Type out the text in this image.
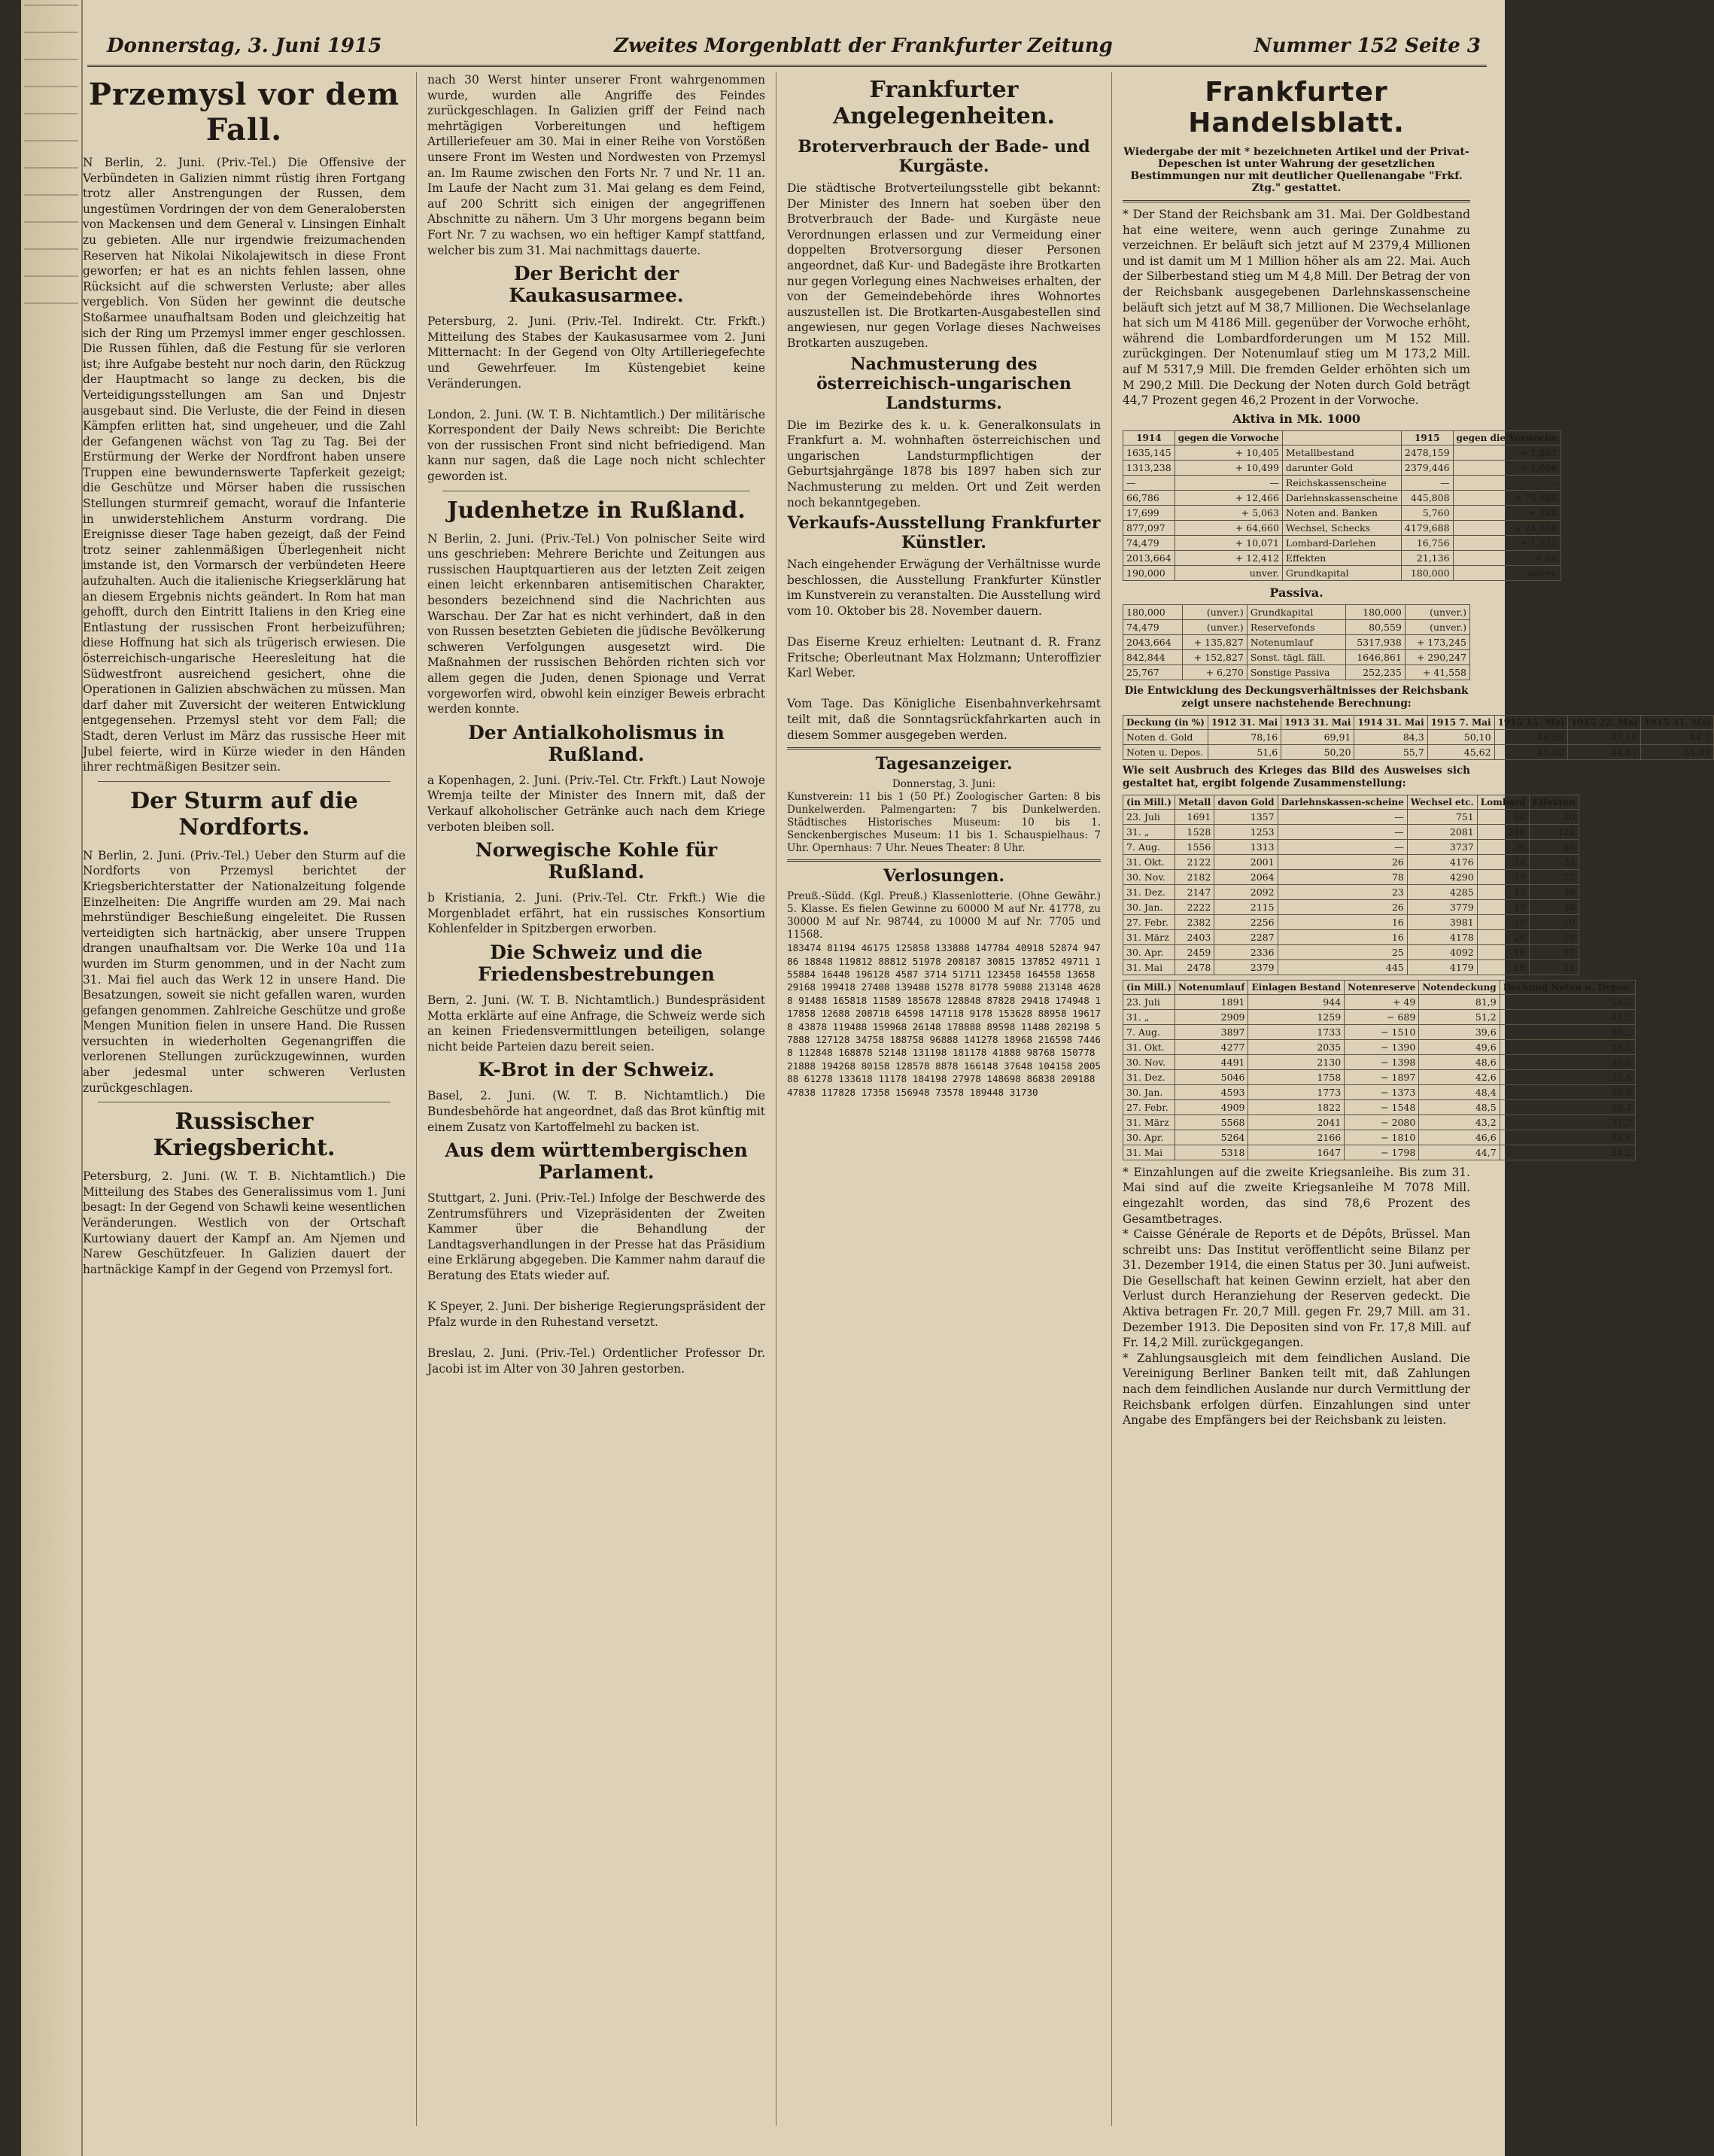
Donnerstag, 3. Juni 1915	Zweites Morgenblatt der Frankfurter Zeitung	Nummer 152 Seite 3
Przemysl vor dem Fall.
N Berlin, 2. Juni. (Priv.-Tel.) Die Offensive der Verbündeten in Galizien nimmt rüstig ihren Fortgang trotz aller Anstrengungen der Russen, dem ungestümen Vordringen der von dem Generalobersten von Mackensen und dem General v. Linsingen Einhalt zu gebieten. Alle nur irgendwie freizumachenden Reserven hat Nikolai Nikolajewitsch in diese Front geworfen; er hat es an nichts fehlen lassen, ohne Rücksicht auf die schwersten Verluste; aber alles vergeblich. Von Süden her gewinnt die deutsche Stoßarmee unaufhaltsam Boden und gleichzeitig hat sich der Ring um Przemysl immer enger geschlossen. Die Russen fühlen, daß die Festung für sie verloren ist; ihre Aufgabe besteht nur noch darin, den Rückzug der Hauptmacht so lange zu decken, bis die Verteidigungsstellungen am San und Dnjestr ausgebaut sind. Die Verluste, die der Feind in diesen Kämpfen erlitten hat, sind ungeheuer, und die Zahl der Gefangenen wächst von Tag zu Tag. Bei der Erstürmung der Werke der Nordfront haben unsere Truppen eine bewundernswerte Tapferkeit gezeigt; die Geschütze und Mörser haben die russischen Stellungen sturmreif gemacht, worauf die Infanterie in unwiderstehlichem Ansturm vordrang. Die Ereignisse dieser Tage haben gezeigt, daß der Feind trotz seiner zahlenmäßigen Überlegenheit nicht imstande ist, den Vormarsch der verbündeten Heere aufzuhalten. Auch die italienische Kriegserklärung hat an diesem Ergebnis nichts geändert. In Rom hat man gehofft, durch den Eintritt Italiens in den Krieg eine Entlastung der russischen Front herbeizuführen; diese Hoffnung hat sich als trügerisch erwiesen. Die österreichisch-ungarische Heeresleitung hat die Südwestfront ausreichend gesichert, ohne die Operationen in Galizien abschwächen zu müssen. Man darf daher mit Zuversicht der weiteren Entwicklung entgegensehen. Przemysl steht vor dem Fall; die Stadt, deren Verlust im März das russische Heer mit Jubel feierte, wird in Kürze wieder in den Händen ihrer rechtmäßigen Besitzer sein.
Der Sturm auf die Nordforts.
N Berlin, 2. Juni. (Priv.-Tel.) Ueber den Sturm auf die Nordforts von Przemysl berichtet der Kriegsberichterstatter der Nationalzeitung folgende Einzelheiten: Die Angriffe wurden am 29. Mai nach mehrstündiger Beschießung eingeleitet. Die Russen verteidigten sich hartnäckig, aber unsere Truppen drangen unaufhaltsam vor. Die Werke 10a und 11a wurden im Sturm genommen, und in der Nacht zum 31. Mai fiel auch das Werk 12 in unsere Hand. Die Besatzungen, soweit sie nicht gefallen waren, wurden gefangen genommen. Zahlreiche Geschütze und große Mengen Munition fielen in unsere Hand. Die Russen versuchten in wiederholten Gegenangriffen die verlorenen Stellungen zurückzugewinnen, wurden aber jedesmal unter schweren Verlusten zurückgeschlagen.
Russischer Kriegsbericht.
Petersburg, 2. Juni. (W. T. B. Nichtamtlich.) Die Mitteilung des Stabes des Generalissimus vom 1. Juni besagt: In der Gegend von Schawli keine wesentlichen Veränderungen. Westlich von der Ortschaft Kurtowiany dauert der Kampf an. Am Njemen und Narew Geschützfeuer. In Galizien dauert der hartnäckige Kampf in der Gegend von Przemysl fort.
nach 30 Werst hinter unserer Front wahrgenommen wurde, wurden alle Angriffe des Feindes zurückgeschlagen. In Galizien griff der Feind nach mehrtägigen Vorbereitungen und heftigem Artilleriefeuer am 30. Mai in einer Reihe von Vorstößen unsere Front im Westen und Nordwesten von Przemysl an. Im Raume zwischen den Forts Nr. 7 und Nr. 11 an. Im Laufe der Nacht zum 31. Mai gelang es dem Feind, auf 200 Schritt sich einigen der angegriffenen Abschnitte zu nähern. Um 3 Uhr morgens begann beim Fort Nr. 7 zu wachsen, wo ein heftiger Kampf stattfand, welcher bis zum 31. Mai nachmittags dauerte.
Der Bericht der Kaukasusarmee.
Petersburg, 2. Juni. (Priv.-Tel. Indirekt. Ctr. Frkft.) Mitteilung des Stabes der Kaukasusarmee vom 2. Juni Mitternacht: In der Gegend von Olty Artilleriegefechte und Gewehrfeuer. Im Küstengebiet keine Veränderungen.

London, 2. Juni. (W. T. B. Nichtamtlich.) Der militärische Korrespondent der Daily News schreibt: Die Berichte von der russischen Front sind nicht befriedigend. Man kann nur sagen, daß die Lage noch nicht schlechter geworden ist.
Judenhetze in Rußland.
N Berlin, 2. Juni. (Priv.-Tel.) Von polnischer Seite wird uns geschrieben: Mehrere Berichte und Zeitungen aus russischen Hauptquartieren aus der letzten Zeit zeigen einen leicht erkennbaren antisemitischen Charakter, besonders bezeichnend sind die Nachrichten aus Warschau. Der Zar hat es nicht verhindert, daß in den von Russen besetzten Gebieten die jüdische Bevölkerung schweren Verfolgungen ausgesetzt wird. Die Maßnahmen der russischen Behörden richten sich vor allem gegen die Juden, denen Spionage und Verrat vorgeworfen wird, obwohl kein einziger Beweis erbracht werden konnte.
Der Antialkoholismus in Rußland.
a Kopenhagen, 2. Juni. (Priv.-Tel. Ctr. Frkft.) Laut Nowoje Wremja teilte der Minister des Innern mit, daß der Verkauf alkoholischer Getränke auch nach dem Kriege verboten bleiben soll.
Norwegische Kohle für Rußland.
b Kristiania, 2. Juni. (Priv.-Tel. Ctr. Frkft.) Wie die Morgenbladet erfährt, hat ein russisches Konsortium Kohlenfelder in Spitzbergen erworben.
Die Schweiz und die Friedensbestrebungen
Bern, 2. Juni. (W. T. B. Nichtamtlich.) Bundespräsident Motta erklärte auf eine Anfrage, die Schweiz werde sich an keinen Friedensvermittlungen beteiligen, solange nicht beide Parteien dazu bereit seien.
K-Brot in der Schweiz.
Basel, 2. Juni. (W. T. B. Nichtamtlich.) Die Bundesbehörde hat angeordnet, daß das Brot künftig mit einem Zusatz von Kartoffelmehl zu backen ist.
Aus dem württembergischen Parlament.
Stuttgart, 2. Juni. (Priv.-Tel.) Infolge der Beschwerde des Zentrumsführers und Vizepräsidenten der Zweiten Kammer über die Behandlung der Landtagsverhandlungen in der Presse hat das Präsidium eine Erklärung abgegeben. Die Kammer nahm darauf die Beratung des Etats wieder auf.

K Speyer, 2. Juni. Der bisherige Regierungspräsident der Pfalz wurde in den Ruhestand versetzt.

Breslau, 2. Juni. (Priv.-Tel.) Ordentlicher Professor Dr. Jacobi ist im Alter von 30 Jahren gestorben.
Frankfurter Angelegenheiten.
Broterverbrauch der Bade- und Kurgäste.
Die städtische Brotverteilungsstelle gibt bekannt: Der Minister des Innern hat soeben über den Brotverbrauch der Bade- und Kurgäste neue Verordnungen erlassen und zur Vermeidung einer doppelten Brotversorgung dieser Personen angeordnet, daß Kur- und Badegäste ihre Brotkarten nur gegen Vorlegung eines Nachweises erhalten, der von der Gemeindebehörde ihres Wohnortes auszustellen ist. Die Brotkarten-Ausgabestellen sind angewiesen, nur gegen Vorlage dieses Nachweises Brotkarten auszugeben.
Nachmusterung des österreichisch-ungarischen Landsturms.
Die im Bezirke des k. u. k. Generalkonsulats in Frankfurt a. M. wohnhaften österreichischen und ungarischen Landsturmpflichtigen der Geburtsjahrgänge 1878 bis 1897 haben sich zur Nachmusterung zu melden. Ort und Zeit werden noch bekanntgegeben.
Verkaufs-Ausstellung Frankfurter Künstler.
Nach eingehender Erwägung der Verhältnisse wurde beschlossen, die Ausstellung Frankfurter Künstler im Kunstverein zu veranstalten. Die Ausstellung wird vom 10. Oktober bis 28. November dauern.

Das Eiserne Kreuz erhielten: Leutnant d. R. Franz Fritsche; Oberleutnant Max Holzmann; Unteroffizier Karl Weber.

Vom Tage. Das Königliche Eisenbahnverkehrsamt teilt mit, daß die Sonntagsrückfahrkarten auch in diesem Sommer ausgegeben werden.
Tagesanzeiger.
Donnerstag, 3. Juni:
Kunstverein: 11 bis 1 (50 Pf.) Zoologischer Garten: 8 bis Dunkelwerden. Palmengarten: 7 bis Dunkelwerden. Städtisches Historisches Museum: 10 bis 1. Senckenbergisches Museum: 11 bis 1. Schauspielhaus: 7 Uhr. Opernhaus: 7 Uhr. Neues Theater: 8 Uhr.
Verlosungen.
Preuß.-Südd. (Kgl. Preuß.) Klassenlotterie. (Ohne Gewähr.) 5. Klasse. Es fielen Gewinne zu 60000 M auf Nr. 41778, zu 30000 M auf Nr. 98744, zu 10000 M auf Nr. 7705 und 11568.
183474 81194 46175 125858 133888 147784 40918 52874 94786 18848 119812 88812 51978 208187 30815 137852 49711 155884 16448 196128 4587 3714 51711 123458 164558 13658 29168 199418 27408 139488 15278 81778 59088 213148 46288 91488 165818 11589 185678 128848 87828 29418 174948 117858 12688 208718 64598 147118 9178 153628 88958 196178 43878 119488 159968 26148 178888 89598 11488 202198 57888 127128 34758 188758 96888 141278 18968 216598 74468 112848 168878 52148 131198 181178 41888 98768 150778 21888 194268 80158 128578 8878 166148 37648 104158 200588 61278 133618 11178 184198 27978 148698 86838 209188 47838 117828 17358 156948 73578 189448 31730
Frankfurter Handelsblatt.
Wiedergabe der mit * bezeichneten Artikel und der Privat-Depeschen ist unter Wahrung der gesetzlichen Bestimmungen nur mit deutlicher Quellenangabe "Frkf. Ztg." gestattet.
* Der Stand der Reichsbank am 31. Mai. Der Goldbestand hat eine weitere, wenn auch geringe Zunahme zu verzeichnen. Er beläuft sich jetzt auf M 2379,4 Millionen und ist damit um M 1 Million höher als am 22. Mai. Auch der Silberbestand stieg um M 4,8 Mill. Der Betrag der von der Reichsbank ausgegebenen Darlehnskassenscheine beläuft sich jetzt auf M 38,7 Millionen. Die Wechselanlage hat sich um M 4186 Mill. gegenüber der Vorwoche erhöht, während die Lombardforderungen um M 152 Mill. zurückgingen. Der Notenumlauf stieg um M 173,2 Mill. auf M 5317,9 Mill. Die fremden Gelder erhöhten sich um M 290,2 Mill. Die Deckung der Noten durch Gold beträgt 44,7 Prozent gegen 46,2 Prozent in der Vorwoche.
Aktiva in Mk. 1000
1914	gegen die Vorwoche		1915	gegen die Vorwoche
1635,145	+ 10,405	Metallbestand	2478,159	+ 1,851
1313,238	+ 10,499	darunter Gold	2379,446	+ 1,006
—	—	Reichskassenscheine	—	—
66,786	+ 12,466	Darlehnskassenscheine	445,808	+ 75,988
17,699	+ 5,063	Noten and. Banken	5,760	+ 788
877,097	+ 64,660	Wechsel, Schecks	4179,688	+ 24,138
74,479	+ 10,071	Lombard-Darlehen	16,756	+ 1,235
2013,664	+ 12,412	Effekten	21,136	+ 56
190,000	unver.	Grundkapital	180,000	unver.
Passiva.
180,000	(unver.)	Grundkapital	180,000	(unver.)
74,479	(unver.)	Reservefonds	80,559	(unver.)
2043,664	+ 135,827	Notenumlauf	5317,938	+ 173,245
842,844	+ 152,827	Sonst. tägl. fäll.	1646,861	+ 290,247
25,767	+ 6,270	Sonstige Passiva	252,235	+ 41,558
Die Entwicklung des Deckungsverhältnisses der Reichsbank zeigt unsere nachstehende Berechnung:
Deckung (in %)	1912 31. Mai	1913 31. Mai	1914 31. Mai	1915 7. Mai	1915 15. Mai	1915 22. Mai	1915 31. Mai
Noten d. Gold	78,16	69,91	84,3	50,10	46,58	47,19	44,7
Noten u. Depos.	51,6	50,20	55,7	45,62	43,62	44,67	54,09
Wie seit Ausbruch des Krieges das Bild des Ausweises sich gestaltet hat, ergibt folgende Zusammenstellung:
(in Mill.)	Metall	davon Gold	Darlehnskassen-scheine	Wechsel etc.	Lombard	Effekten
23. Juli	1691	1357	—	751	50	20
31. „	1528	1253	—	2081	218	122
7. Aug.	1556	1313	—	3737	36	66
31. Okt.	2122	2001	26	4176	18	32
30. Nov.	2182	2064	78	4290	19	22
31. Dez.	2147	2092	23	4285	12	39
30. Jan.	2222	2115	26	3779	19	38
27. Febr.	2382	2256	16	3981	10	19
31. März	2403	2287	16	4178	20	19
30. Apr.	2459	2336	25	4092	16	17
31. Mai	2478	2379	445	4179	16	21
(in Mill.)	Notenumlauf	Einlagen Bestand	Notenreserve	Notendeckung	Deckung Noten u. Depos.
23. Juli	1891	944	+ 49	81,9	54,5
31. „	2909	1259	− 689	51,2	41,2
7. Aug.	3897	1733	− 1510	39,6	30,2
31. Okt.	4277	2035	− 1390	49,6	36,5
30. Nov.	4491	2130	− 1398	48,6	35,6
31. Dez.	5046	1758	− 1897	42,6	35,6
30. Jan.	4593	1773	− 1373	48,4	36,5
27. Febr.	4909	1822	− 1548	48,5	36,3
31. März	5568	2041	− 2080	43,2	31,2
30. Apr.	5264	2166	− 1810	46,6	33,6
31. Mai	5318	1647	− 1798	44,7	34,2
* Einzahlungen auf die zweite Kriegsanleihe. Bis zum 31. Mai sind auf die zweite Kriegsanleihe M 7078 Mill. eingezahlt worden, das sind 78,6 Prozent des Gesamtbetrages.
* Caisse Générale de Reports et de Dépôts, Brüssel. Man schreibt uns: Das Institut veröffentlicht seine Bilanz per 31. Dezember 1914, die einen Status per 30. Juni aufweist. Die Gesellschaft hat keinen Gewinn erzielt, hat aber den Verlust durch Heranziehung der Reserven gedeckt. Die Aktiva betragen Fr. 20,7 Mill. gegen Fr. 29,7 Mill. am 31. Dezember 1913. Die Depositen sind von Fr. 17,8 Mill. auf Fr. 14,2 Mill. zurückgegangen.
* Zahlungsausgleich mit dem feindlichen Ausland. Die Vereinigung Berliner Banken teilt mit, daß Zahlungen nach dem feindlichen Auslande nur durch Vermittlung der Reichsbank erfolgen dürfen. Einzahlungen sind unter Angabe des Empfängers bei der Reichsbank zu leisten.
